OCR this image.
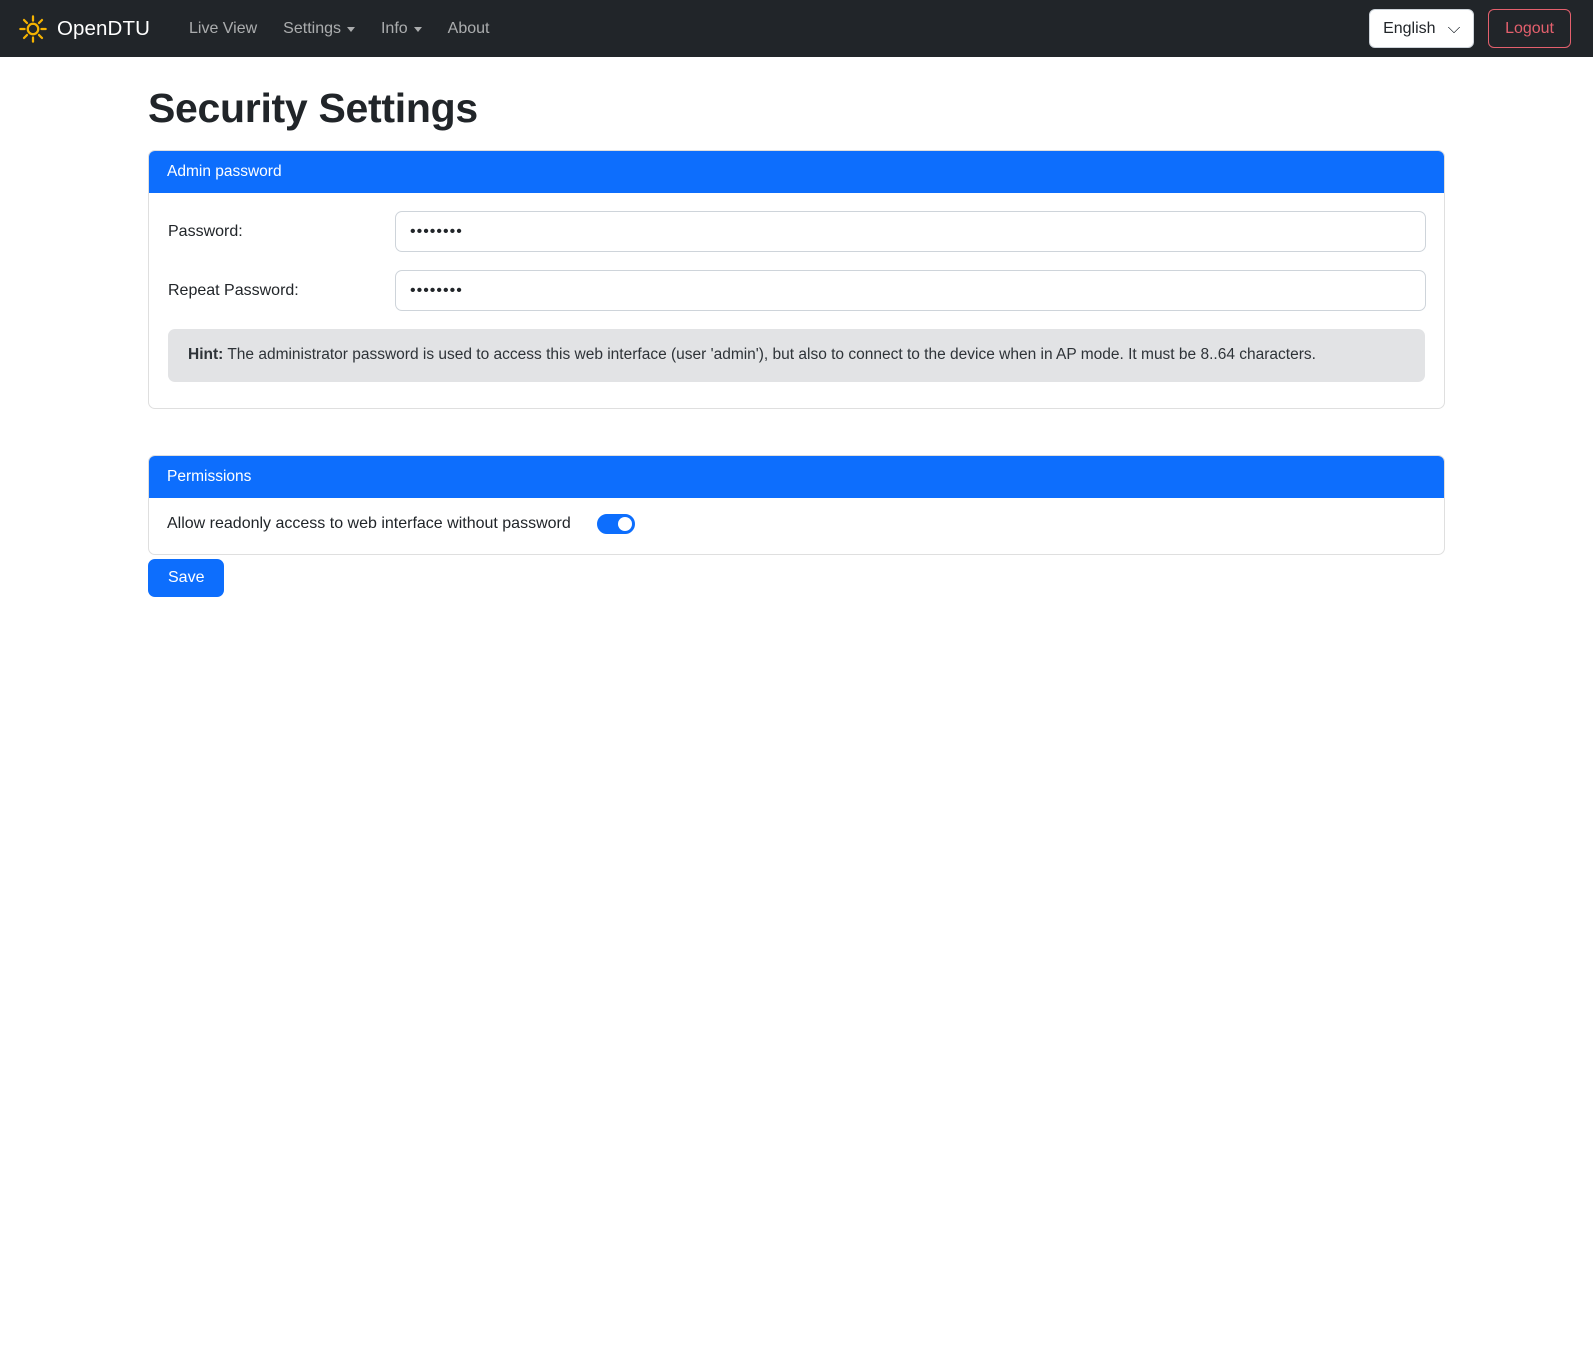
OpenDTU Live View Settings	Info	About
English	Logout
Security Settings
Admin password
Password:
••••••••
Repeat Password:
••••••••
Hint: The administrator password is used to access this web interface (user 'admin'), but also to connect to the device when in AP mode. It must be 8..64 characters.
Permissions
Allow readonly access to web interface without password
Save
